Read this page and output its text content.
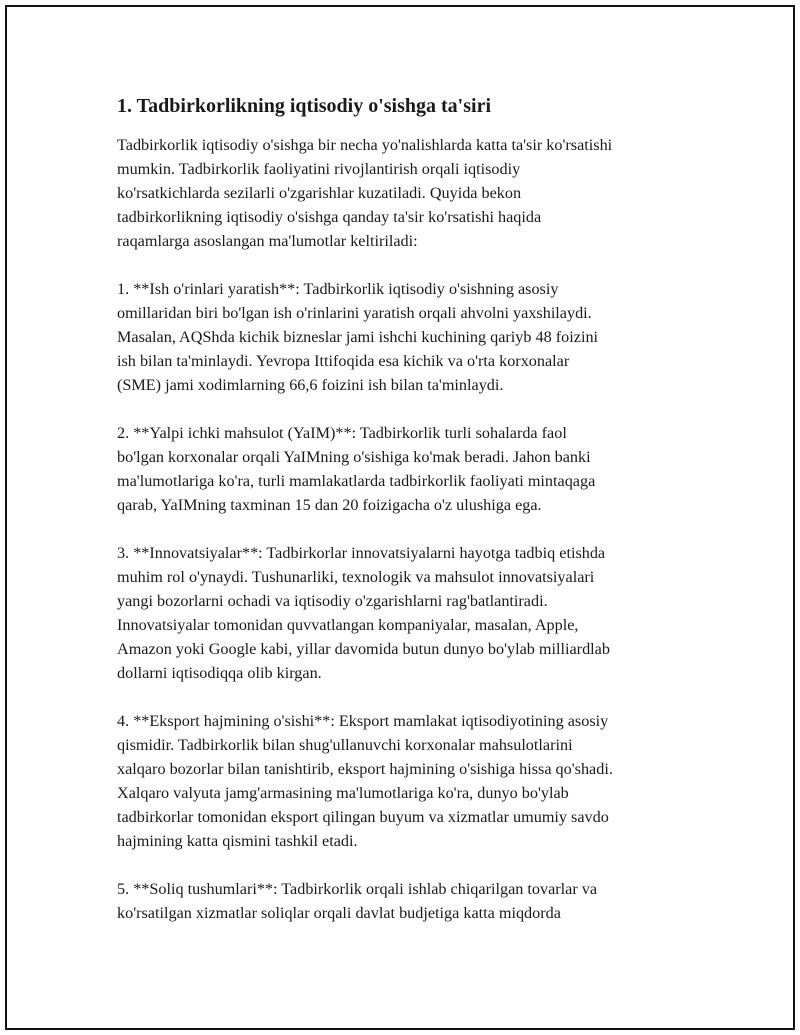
1. Tadbirkorlikning iqtisodiy o'sishga ta'siri

Tadbirkorlik iqtisodiy o'sishga bir necha yo'nalishlarda katta ta'sir ko'rsatishi
mumkin. Tadbirkorlik faoliyatini rivojlantirish orqali iqtisodiy
ko'rsatkichlarda sezilarli o'zgarishlar kuzatiladi. Quyida bekon
tadbirkorlikning iqtisodiy o'sishga qanday ta'sir ko'rsatishi haqida
raqamlarga asoslangan ma'lumotlar keltiriladi:

1. **Ish o'rinlari yaratish**: Tadbirkorlik iqtisodiy o'sishning asosiy
omillaridan biri bo'lgan ish o'rinlarini yaratish orqali ahvolni yaxshilaydi.
Masalan, AQShda kichik bizneslar jami ishchi kuchining qariyb 48 foizini
ish bilan ta'minlaydi. Yevropa Ittifoqida esa kichik va o'rta korxonalar
(SME) jami xodimlarning 66,6 foizini ish bilan ta'minlaydi.

2. **Yalpi ichki mahsulot (YaIM)**: Tadbirkorlik turli sohalarda faol
bo'lgan korxonalar orqali YaIMning o'sishiga ko'mak beradi. Jahon banki
ma'lumotlariga ko'ra, turli mamlakatlarda tadbirkorlik faoliyati mintaqaga
qarab, YaIMning taxminan 15 dan 20 foizigacha o'z ulushiga ega.

3. **Innovatsiyalar**: Tadbirkorlar innovatsiyalarni hayotga tadbiq etishda
muhim rol o'ynaydi. Tushunarliki, texnologik va mahsulot innovatsiyalari
yangi bozorlarni ochadi va iqtisodiy o'zgarishlarni rag'batlantiradi.
Innovatsiyalar tomonidan quvvatlangan kompaniyalar, masalan, Apple,
Amazon yoki Google kabi, yillar davomida butun dunyo bo'ylab milliardlab
dollarni iqtisodiqqa olib kirgan.

4. **Eksport hajmining o'sishi**: Eksport mamlakat iqtisodiyotining asosiy
qismidir. Tadbirkorlik bilan shug'ullanuvchi korxonalar mahsulotlarini
xalqaro bozorlar bilan tanishtirib, eksport hajmining o'sishiga hissa qo'shadi.
Xalqaro valyuta jamg'armasining ma'lumotlariga ko'ra, dunyo bo'ylab
tadbirkorlar tomonidan eksport qilingan buyum va xizmatlar umumiy savdo
hajmining katta qismini tashkil etadi.

5. **Soliq tushumlari**: Tadbirkorlik orqali ishlab chiqarilgan tovarlar va
ko'rsatilgan xizmatlar soliqlar orqali davlat budjetiga katta miqdorda
